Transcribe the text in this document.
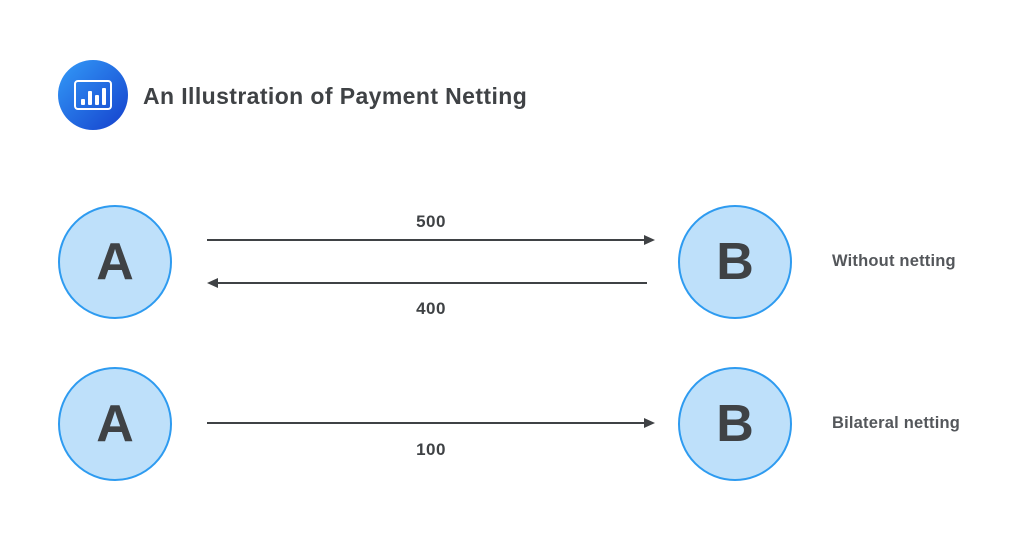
An Illustration of Payment Netting
A	B
500
400
Without netting
A	B
100
Bilateral netting
